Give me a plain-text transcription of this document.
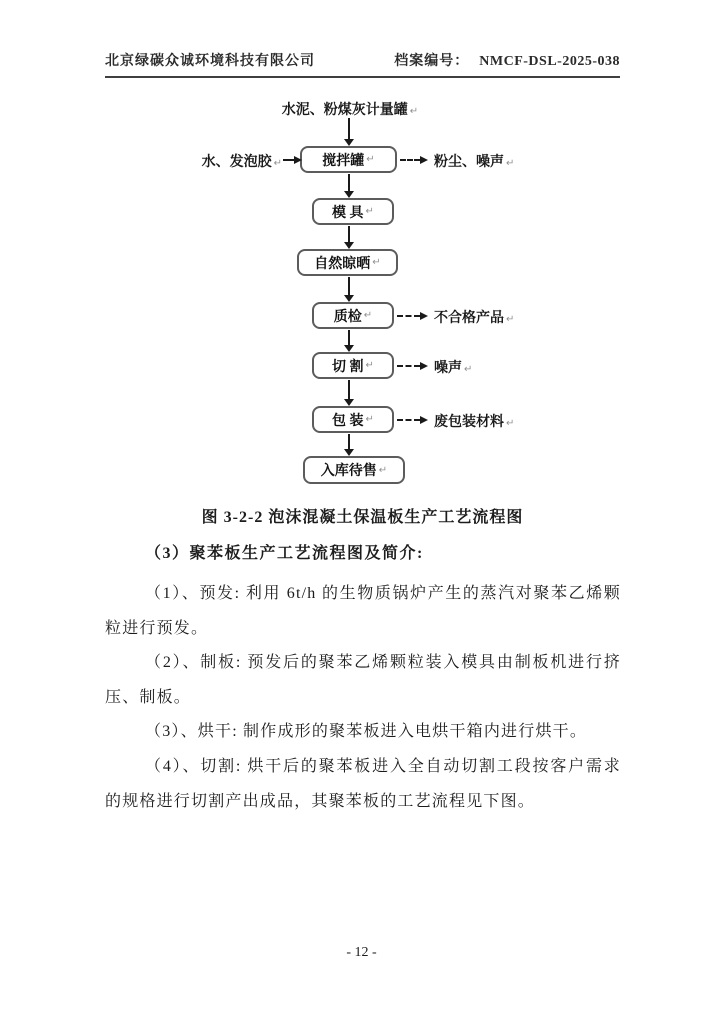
北京绿碳众诚环境科技有限公司	档案编号： NMCF-DSL-2025-038
水泥、粉煤灰计量罐 ↵
搅拌罐 ↵
模 具 ↵
自然晾晒 ↵
质检 ↵
切 割 ↵
包 装 ↵
入库待售 ↵
水、发泡胶 ↵	粉尘、噪声 ↵
不合格产品 ↵
噪声 ↵
废包装材料 ↵
图 3-2-2 泡沫混凝土保温板生产工艺流程图
（3）聚苯板生产工艺流程图及简介:
（1）、预发: 利用 6t/h 的生物质锅炉产生的蒸汽对聚苯乙烯颗
粒进行预发。
（2）、制板: 预发后的聚苯乙烯颗粒装入模具由制板机进行挤
压、制板。
（3）、烘干: 制作成形的聚苯板进入电烘干箱内进行烘干。
（4）、切割: 烘干后的聚苯板进入全自动切割工段按客户需求
的规格进行切割产出成品，其聚苯板的工艺流程见下图。
- 12 -
